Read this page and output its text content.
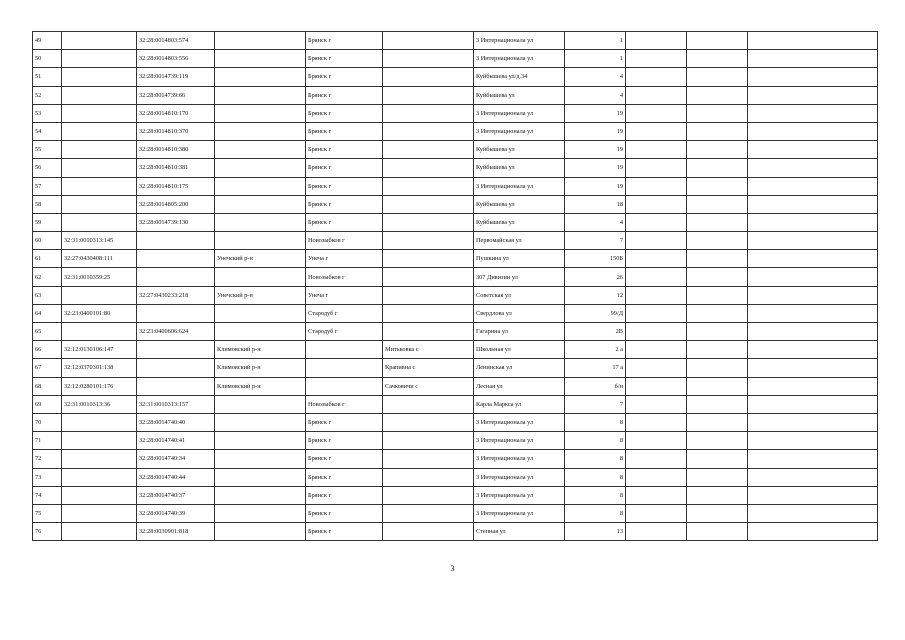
49		32:28:0014803:574		Брянск г		3 Интернационала ул	1			
50		32:28:0014803:556		Брянск г		3 Интернационала ул	1			
51		32:28:0014739:119		Брянск г		Куйбышева ул/д.34	4			
52		32:28:0014739:66		Брянск г		Куйбышева ул	4			
53		32:28:0014810:170		Брянск г		3 Интернационала ул	19			
54		32:28:0014810:370		Брянск г		3 Интернационала ул	19			
55		32:28:0014810:380		Брянск г		Куйбышева ул	19			
56		32:28:0014810:381		Брянск г		Куйбышева ул	19			
57		32:28:0014810:175		Брянск г		3 Интернационала ул	19			
58		32:28:0014805:200		Брянск г		Куйбышева ул	18			
59		32:28:0014739:130		Брянск г		Куйбышева ул	4			
60	32:31:0010313:145			Новозыбков г		Первомайская ул	7			
61	32:27:0430408:111		Унечский р-н	Унеча г		Пушкина ул	150Б			
62	32:31:0010359:25			Новозыбков г		307 Дивизии ул	26			
63		32:27:0430233:218	Унечский р-н	Унеча г		Советская ул	12			
64	32:23:0400101:80			Стародуб г		Свердлова ул	99/Д			
65		32:23:0400606:624		Стародуб г		Гагарина ул	2В			
66	32:12:0130106:147		Климовский р-н		Митьковка с	Школьная ул	2 а			
67	32:12:0370301:138		Климовский р-н		Крапивна с	Ленинская ул	17 а			
68	32:12:0280101:176		Климовский р-н		Сачковичи с	Лесная ул	б/н			
69	32:31:0010313:36	32:31:0010313:157		Новозыбков г		Карла Маркса ул	7			
70		32:28:0014740:40		Брянск г		3 Интернационала ул	8			
71		32:28:0014740:41		Брянск г		3 Интернационала ул	8			
72		32:28:0014740:34		Брянск г		3 Интернационала ул	8			
73		32:28:0014740:44		Брянск г		3 Интернационала ул	8			
74		32:28:0014740:37		Брянск г		3 Интернационала ул	8			
75		32:28:0014740:39		Брянск г		3 Интернационала ул	8			
76		32:28:0030901:818		Брянск г		Степная ул	13			
3
